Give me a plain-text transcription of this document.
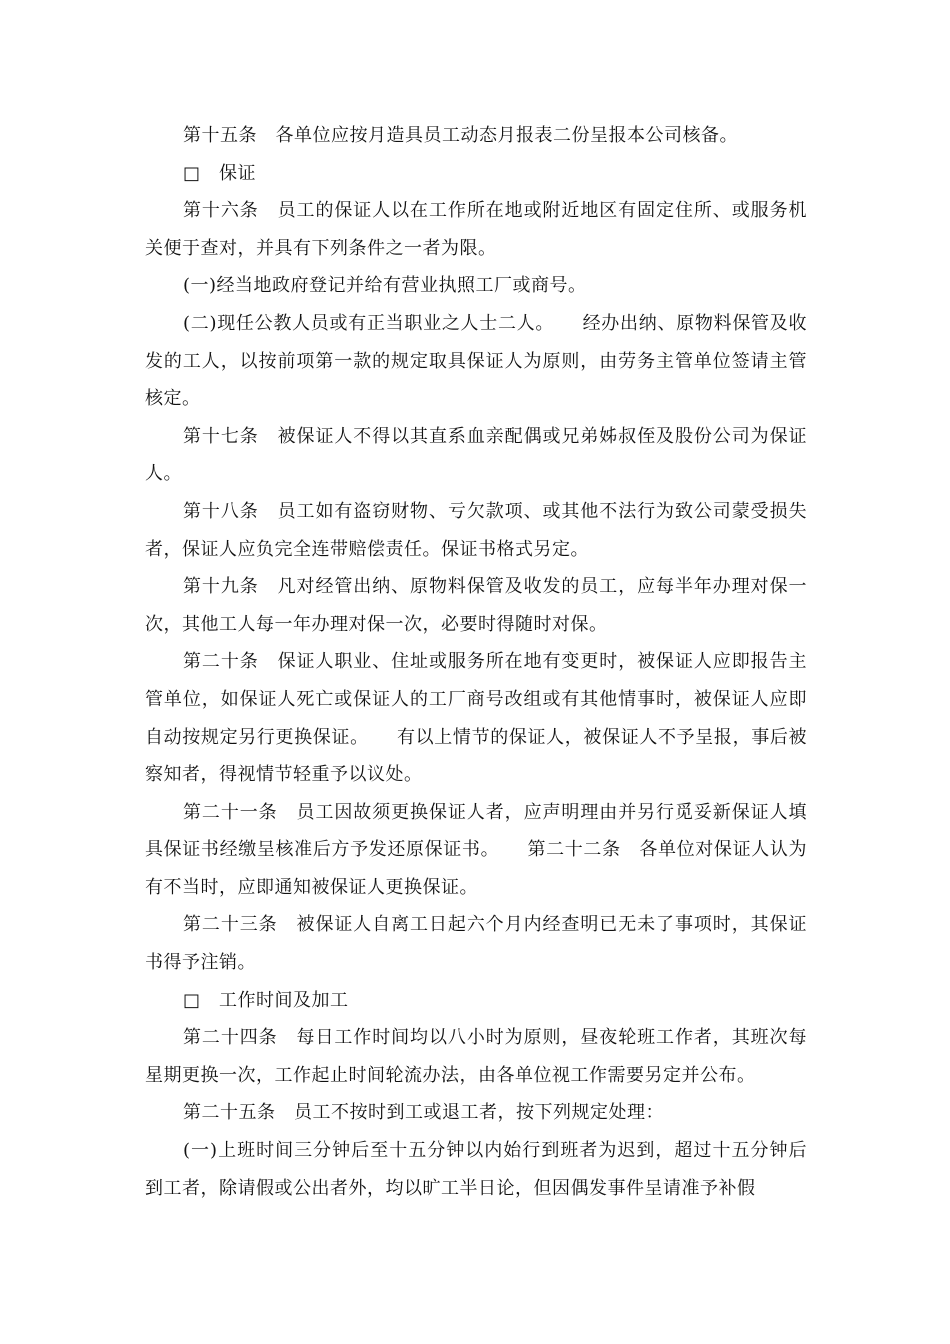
第十五条　各单位应按月造具员工动态月报表二份呈报本公司核备。

□　保证

第十六条　员工的保证人以在工作所在地或附近地区有固定住所、或服务机关便于查对，并具有下列条件之一者为限。

(一)经当地政府登记并给有营业执照工厂或商号。

(二)现任公教人员或有正当职业之人士二人。　　经办出纳、原物料保管及收发的工人，以按前项第一款的规定取具保证人为原则，由劳务主管单位签请主管核定。

第十七条　被保证人不得以其直系血亲配偶或兄弟姊叔侄及股份公司为保证人。

第十八条　员工如有盗窃财物、亏欠款项、或其他不法行为致公司蒙受损失者，保证人应负完全连带赔偿责任。保证书格式另定。

第十九条　凡对经管出纳、原物料保管及收发的员工，应每半年办理对保一次，其他工人每一年办理对保一次，必要时得随时对保。

第二十条　保证人职业、住址或服务所在地有变更时，被保证人应即报告主管单位，如保证人死亡或保证人的工厂商号改组或有其他情事时，被保证人应即自动按规定另行更换保证。　　有以上情节的保证人，被保证人不予呈报，事后被察知者，得视情节轻重予以议处。

第二十一条　员工因故须更换保证人者，应声明理由并另行觅妥新保证人填具保证书经缴呈核准后方予发还原保证书。　　第二十二条　各单位对保证人认为有不当时，应即通知被保证人更换保证。

第二十三条　被保证人自离工日起六个月内经查明已无未了事项时，其保证书得予注销。

□　工作时间及加工

第二十四条　每日工作时间均以八小时为原则，昼夜轮班工作者，其班次每星期更换一次，工作起止时间轮流办法，由各单位视工作需要另定并公布。

第二十五条　员工不按时到工或退工者，按下列规定处理：

(一)上班时间三分钟后至十五分钟以内始行到班者为迟到，超过十五分钟后到工者，除请假或公出者外，均以旷工半日论，但因偶发事件呈请准予补假
